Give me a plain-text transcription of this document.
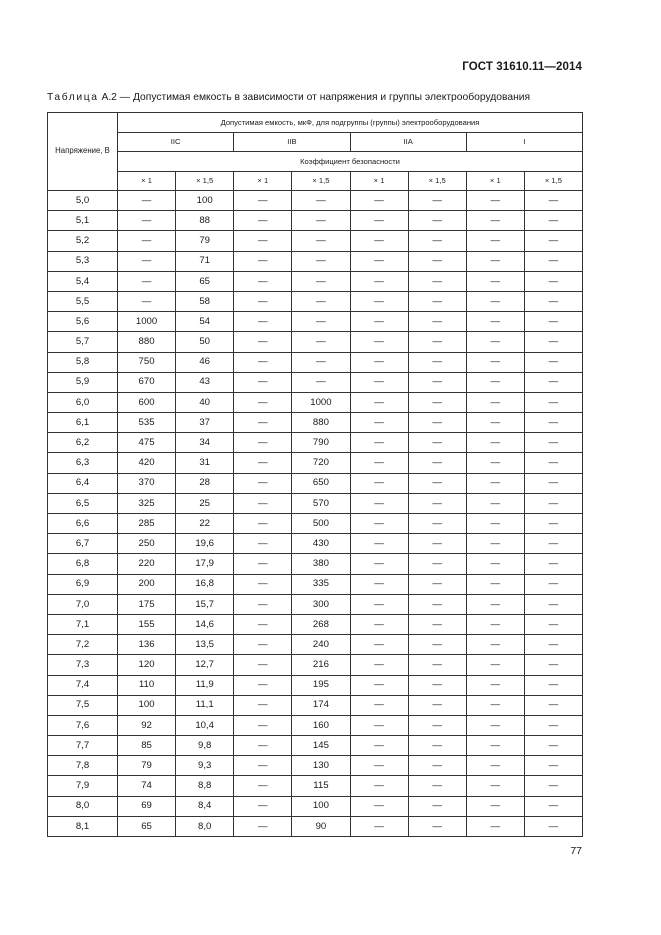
ГОСТ 31610.11—2014
Таблица А.2 — Допустимая емкость в зависимости от напряжения и группы электрооборудования
Напряжение, В	Допустимая емкость, мкФ, для подгруппы (группы) электрооборудования							
	IIC		IIB		IIA		I	
	Коэффициент безопасности							
	× 1	× 1,5	× 1	× 1,5	× 1	× 1,5	× 1	× 1,5
5,0	—	100	—	—	—	—	—	—
5,1	—	88	—	—	—	—	—	—
5,2	—	79	—	—	—	—	—	—
5,3	—	71	—	—	—	—	—	—
5,4	—	65	—	—	—	—	—	—
5,5	—	58	—	—	—	—	—	—
5,6	1000	54	—	—	—	—	—	—
5,7	880	50	—	—	—	—	—	—
5,8	750	46	—	—	—	—	—	—
5,9	670	43	—	—	—	—	—	—
6,0	600	40	—	1000	—	—	—	—
6,1	535	37	—	880	—	—	—	—
6,2	475	34	—	790	—	—	—	—
6,3	420	31	—	720	—	—	—	—
6,4	370	28	—	650	—	—	—	—
6,5	325	25	—	570	—	—	—	—
6,6	285	22	—	500	—	—	—	—
6,7	250	19,6	—	430	—	—	—	—
6,8	220	17,9	—	380	—	—	—	—
6,9	200	16,8	—	335	—	—	—	—
7,0	175	15,7	—	300	—	—	—	—
7,1	155	14,6	—	268	—	—	—	—
7,2	136	13,5	—	240	—	—	—	—
7,3	120	12,7	—	216	—	—	—	—
7,4	110	11,9	—	195	—	—	—	—
7,5	100	11,1	—	174	—	—	—	—
7,6	92	10,4	—	160	—	—	—	—
7,7	85	9,8	—	145	—	—	—	—
7,8	79	9,3	—	130	—	—	—	—
7,9	74	8,8	—	115	—	—	—	—
8,0	69	8,4	—	100	—	—	—	—
8,1	65	8,0	—	90	—	—	—	—
77
